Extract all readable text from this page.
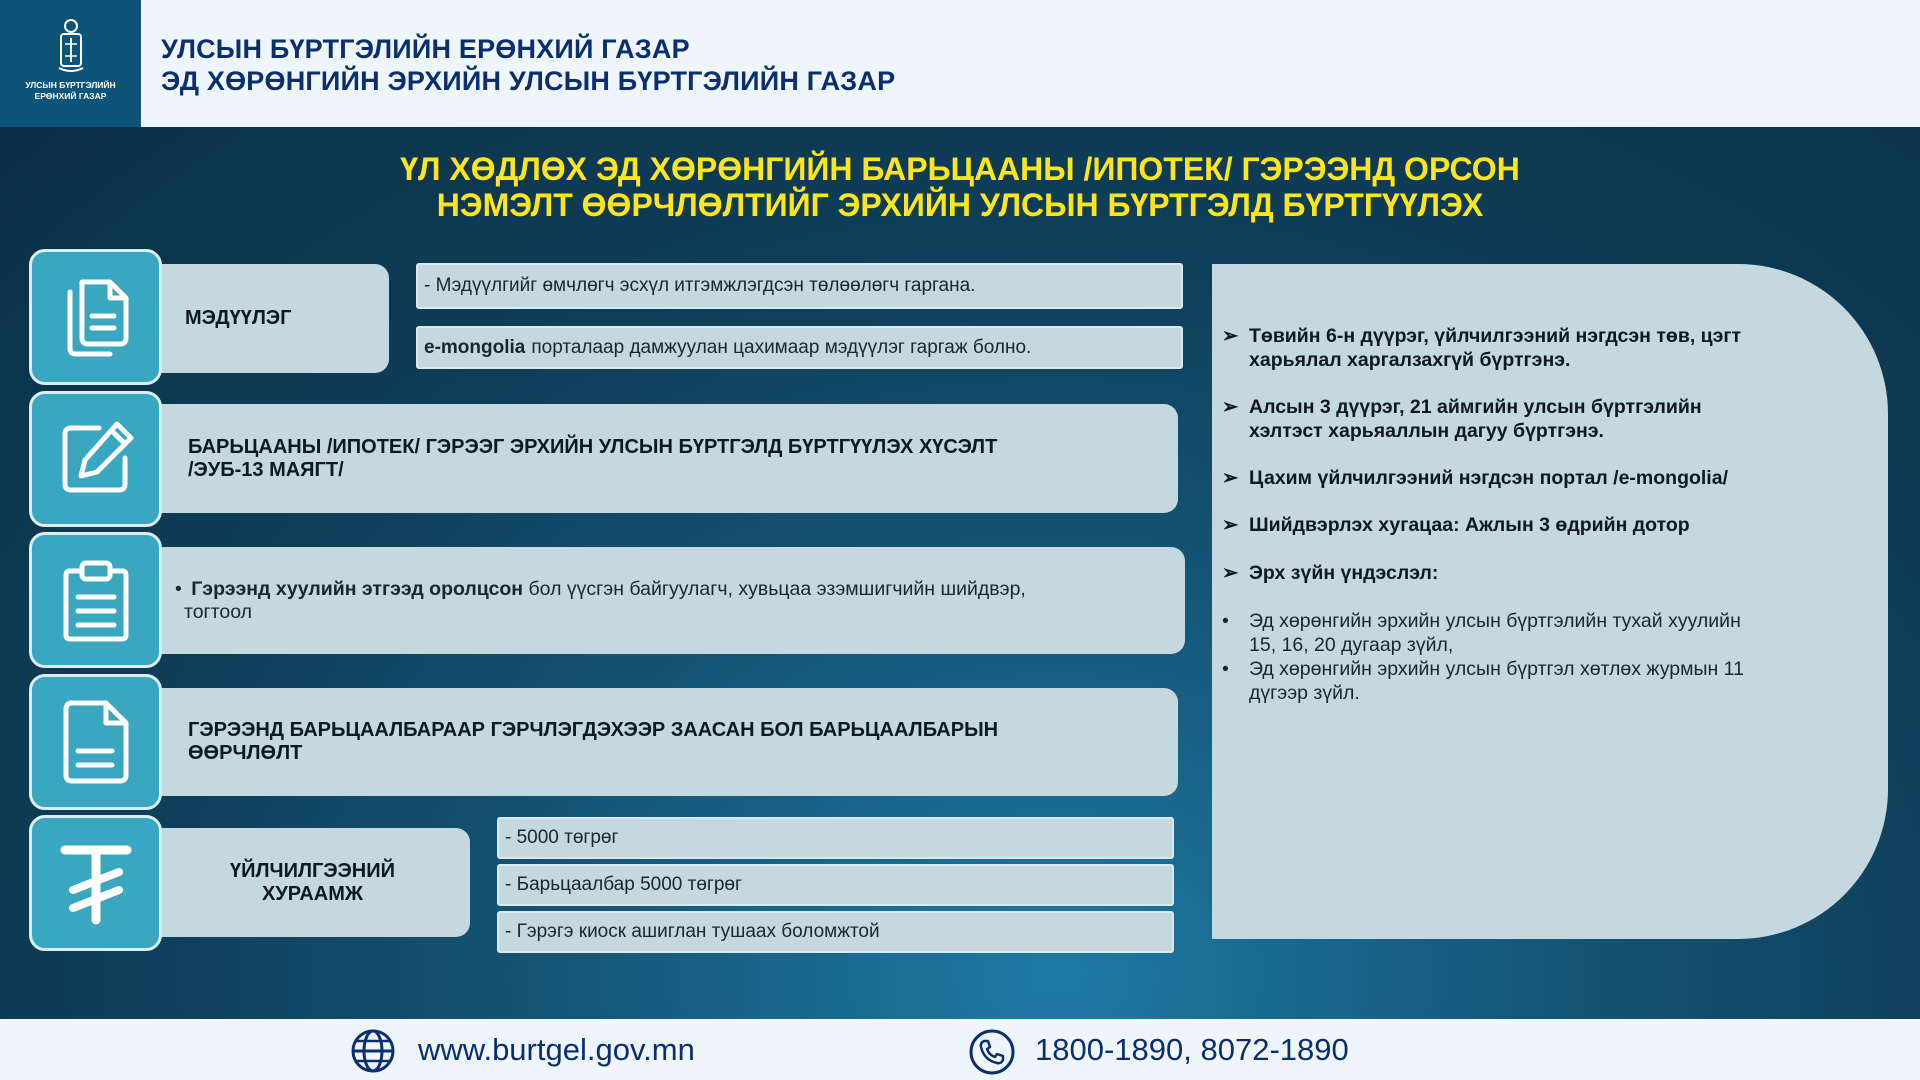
УЛСЫН БҮРТГЭЛИЙН
ЕРӨНХИЙ ГАЗАР
УЛСЫН БҮРТГЭЛИЙН ЕРӨНХИЙ ГАЗАР
ЭД ХӨРӨНГИЙН ЭРХИЙН УЛСЫН БҮРТГЭЛИЙН ГАЗАР
ҮЛ ХӨДЛӨХ ЭД ХӨРӨНГИЙН БАРЬЦААНЫ /ИПОТЕК/ ГЭРЭЭНД ОРСОН
НЭМЭЛТ ӨӨРЧЛӨЛТИЙГ ЭРХИЙН УЛСЫН БҮРТГЭЛД БҮРТГҮҮЛЭХ
МЭДҮҮЛЭГ
- Мэдүүлгийг өмчлөгч эсхүл итгэмжлэгдсэн төлөөлөгч гаргана.
e-mongolia порталаар дамжуулан цахимаар мэдүүлэг гаргаж болно.
БАРЬЦААНЫ /ИПОТЕК/ ГЭРЭЭГ ЭРХИЙН УЛСЫН БҮРТГЭЛД БҮРТГҮҮЛЭХ ХҮСЭЛТ
/ЭУБ-13 МАЯГТ/
• Гэрээнд хуулийн этгээд оролцсон бол үүсгэн байгуулагч, хувьцаа эзэмшигчийн шийдвэр,
тогтоол
ГЭРЭЭНД БАРЬЦААЛБАРААР ГЭРЧЛЭГДЭХЭЭР ЗААСАН БОЛ БАРЬЦААЛБАРЫН
ӨӨРЧЛӨЛТ
ҮЙЛЧИЛГЭЭНИЙ
ХУРААМЖ
- 5000 төгрөг
- Барьцаалбар 5000 төгрөг
- Гэрэгэ киоск ашиглан тушаах боломжтой
➢ Төвийн 6-н дүүрэг, үйлчилгээний нэгдсэн төв, цэгт
харьялал харгалзахгүй бүртгэнэ.
➢ Алсын 3 дүүрэг, 21 аймгийн улсын бүртгэлийн
хэлтэст харьяаллын дагуу бүртгэнэ.
➢ Цахим үйлчилгээний нэгдсэн портал /e-mongolia/
➢ Шийдвэрлэх хугацаа: Ажлын 3 өдрийн дотор
➢ Эрх зүйн үндэслэл:
•	Эд хөрөнгийн эрхийн улсын бүртгэлийн тухай хуулийн
15, 16, 20 дугаар зүйл,
•	Эд хөрөнгийн эрхийн улсын бүртгэл хөтлөх журмын 11
дүгээр зүйл.
www.burtgel.gov.mn	1800-1890, 8072-1890
